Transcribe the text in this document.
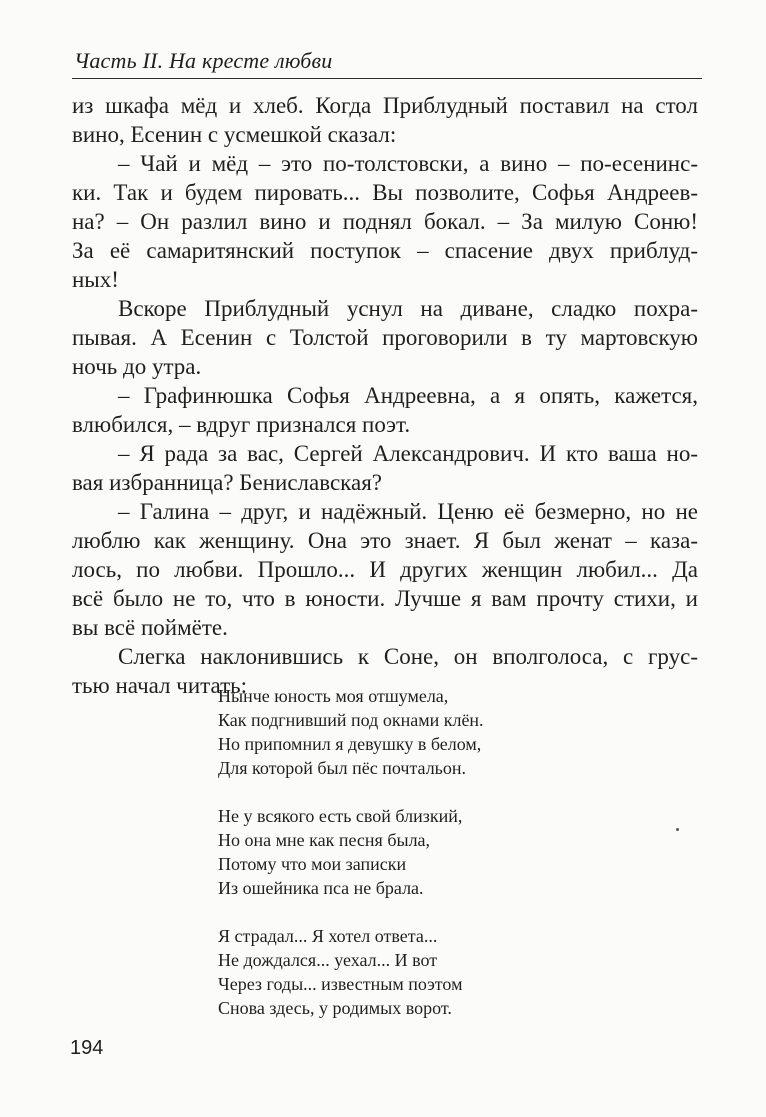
Часть II. На кресте любви
из шкафа мёд и хлеб. Когда Приблудный поставил на стол
вино, Есенин с усмешкой сказал:
– Чай и мёд – это по-толстовски, а вино – по-есенинс-
ки. Так и будем пировать... Вы позволите, Софья Андреев-
на? – Он разлил вино и поднял бокал. – За милую Соню!
За её самаритянский поступок – спасение двух приблуд-
ных!
Вскоре Приблудный уснул на диване, сладко похра-
пывая. А Есенин с Толстой проговорили в ту мартовскую
ночь до утра.
– Графинюшка Софья Андреевна, а я опять, кажется,
влюбился, – вдруг признался поэт.
– Я рада за вас, Сергей Александрович. И кто ваша но-
вая избранница? Бениславская?
– Галина – друг, и надёжный. Ценю её безмерно, но не
люблю как женщину. Она это знает. Я был женат – каза-
лось, по любви. Прошло... И других женщин любил... Да
всё было не то, что в юности. Лучше я вам прочту стихи, и
вы всё поймёте.
Слегка наклонившись к Соне, он вполголоса, с грус-
тью начал читать:
Нынче юность моя отшумела,
Как подгнивший под окнами клён.
Но припомнил я девушку в белом,
Для которой был пёс почтальон.
Не у всякого есть свой близкий,
Но она мне как песня была,
Потому что мои записки
Из ошейника пса не брала.
Я страдал... Я хотел ответа...
Не дождался... уехал... И вот
Через годы... известным поэтом
Снова здесь, у родимых ворот.
194
